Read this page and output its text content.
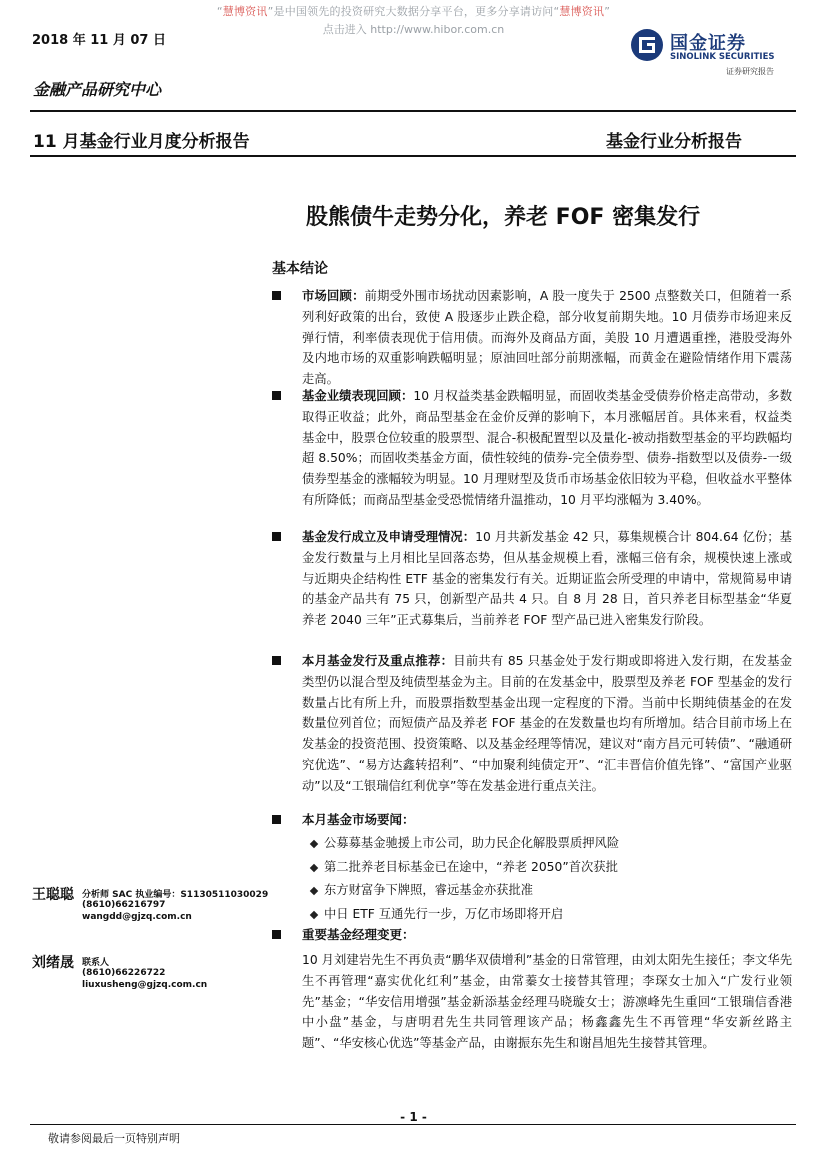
“慧博资讯”是中国领先的投资研究大数据分享平台，更多分享请访问“慧博资讯”
点击进入 http://www.hibor.com.cn
2018 年 11 月 07 日	国金证券
SINOLINK SECURITIES
证券研究报告
金融产品研究中心
11 月基金行业月度分析报告	基金行业分析报告
股熊债牛走势分化，养老 FOF 密集发行
基本结论
市场回顾：前期受外围市场扰动因素影响，A 股一度失于 2500 点整数关口，但随着一系列利好政策的出台，致使 A 股逐步止跌企稳，部分收复前期失地。10 月债券市场迎来反弹行情，利率债表现优于信用债。而海外及商品方面，美股 10 月遭遇重挫，港股受海外及内地市场的双重影响跌幅明显；原油回吐部分前期涨幅，而黄金在避险情绪作用下震荡走高。
基金业绩表现回顾：10 月权益类基金跌幅明显，而固收类基金受债券价格走高带动，多数取得正收益；此外，商品型基金在金价反弹的影响下，本月涨幅居首。具体来看，权益类基金中，股票仓位较重的股票型、混合-积极配置型以及量化-被动指数型基金的平均跌幅均超 8.50%；而固收类基金方面，债性较纯的债券-完全债券型、债券-指数型以及债券-一级债券型基金的涨幅较为明显。10 月理财型及货币市场基金依旧较为平稳，但收益水平整体有所降低；而商品型基金受恐慌情绪升温推动，10 月平均涨幅为 3.40%。
基金发行成立及申请受理情况：10 月共新发基金 42 只，募集规模合计 804.64 亿份；基金发行数量与上月相比呈回落态势，但从基金规模上看，涨幅三倍有余，规模快速上涨或与近期央企结构性 ETF 基金的密集发行有关。近期证监会所受理的申请中，常规简易申请的基金产品共有 75 只，创新型产品共 4 只。自 8 月 28 日，首只养老目标型基金“华夏养老 2040 三年”正式募集后，当前养老 FOF 型产品已进入密集发行阶段。
本月基金发行及重点推荐：目前共有 85 只基金处于发行期或即将进入发行期，在发基金类型仍以混合型及纯债型基金为主。目前的在发基金中，股票型及养老 FOF 型基金的发行数量占比有所上升，而股票指数型基金出现一定程度的下滑。当前中长期纯债基金的在发数量位列首位；而短债产品及养老 FOF 基金的在发数量也均有所增加。结合目前市场上在发基金的投资范围、投资策略、以及基金经理等情况，建议对“南方昌元可转债”、“融通研究优选”、“易方达鑫转招利”、“中加聚利纯债定开”、“汇丰晋信价值先锋”、“富国产业驱动”以及“工银瑞信红利优享”等在发基金进行重点关注。
本月基金市场要闻：
公募募基金驰援上市公司，助力民企化解股票质押风险
第二批养老目标基金已在途中，“养老 2050”首次获批
东方财富争下牌照，睿远基金亦获批准
中日 ETF 互通先行一步，万亿市场即将开启
重要基金经理变更：
10 月刘建岩先生不再负责“鹏华双债增利”基金的日常管理，由刘太阳先生接任；李文华先生不再管理“嘉实优化红利”基金，由常蓁女士接替其管理；李琛女士加入“广发行业领先”基金；“华安信用增强”基金新添基金经理马晓璇女士；游凛峰先生重回“工银瑞信香港中小盘”基金，与唐明君先生共同管理该产品；杨鑫鑫先生不再管理“华安新丝路主题”、“华安核心优选”等基金产品，由谢振东先生和谢昌旭先生接替其管理。
王聪聪 分析师 SAC 执业编号：S1130511030029
(8610)66216797
wangdd@gjzq.com.cn
刘绪晟 联系人
(8610)66226722
liuxusheng@gjzq.com.cn
- 1 -
敬请参阅最后一页特别声明
